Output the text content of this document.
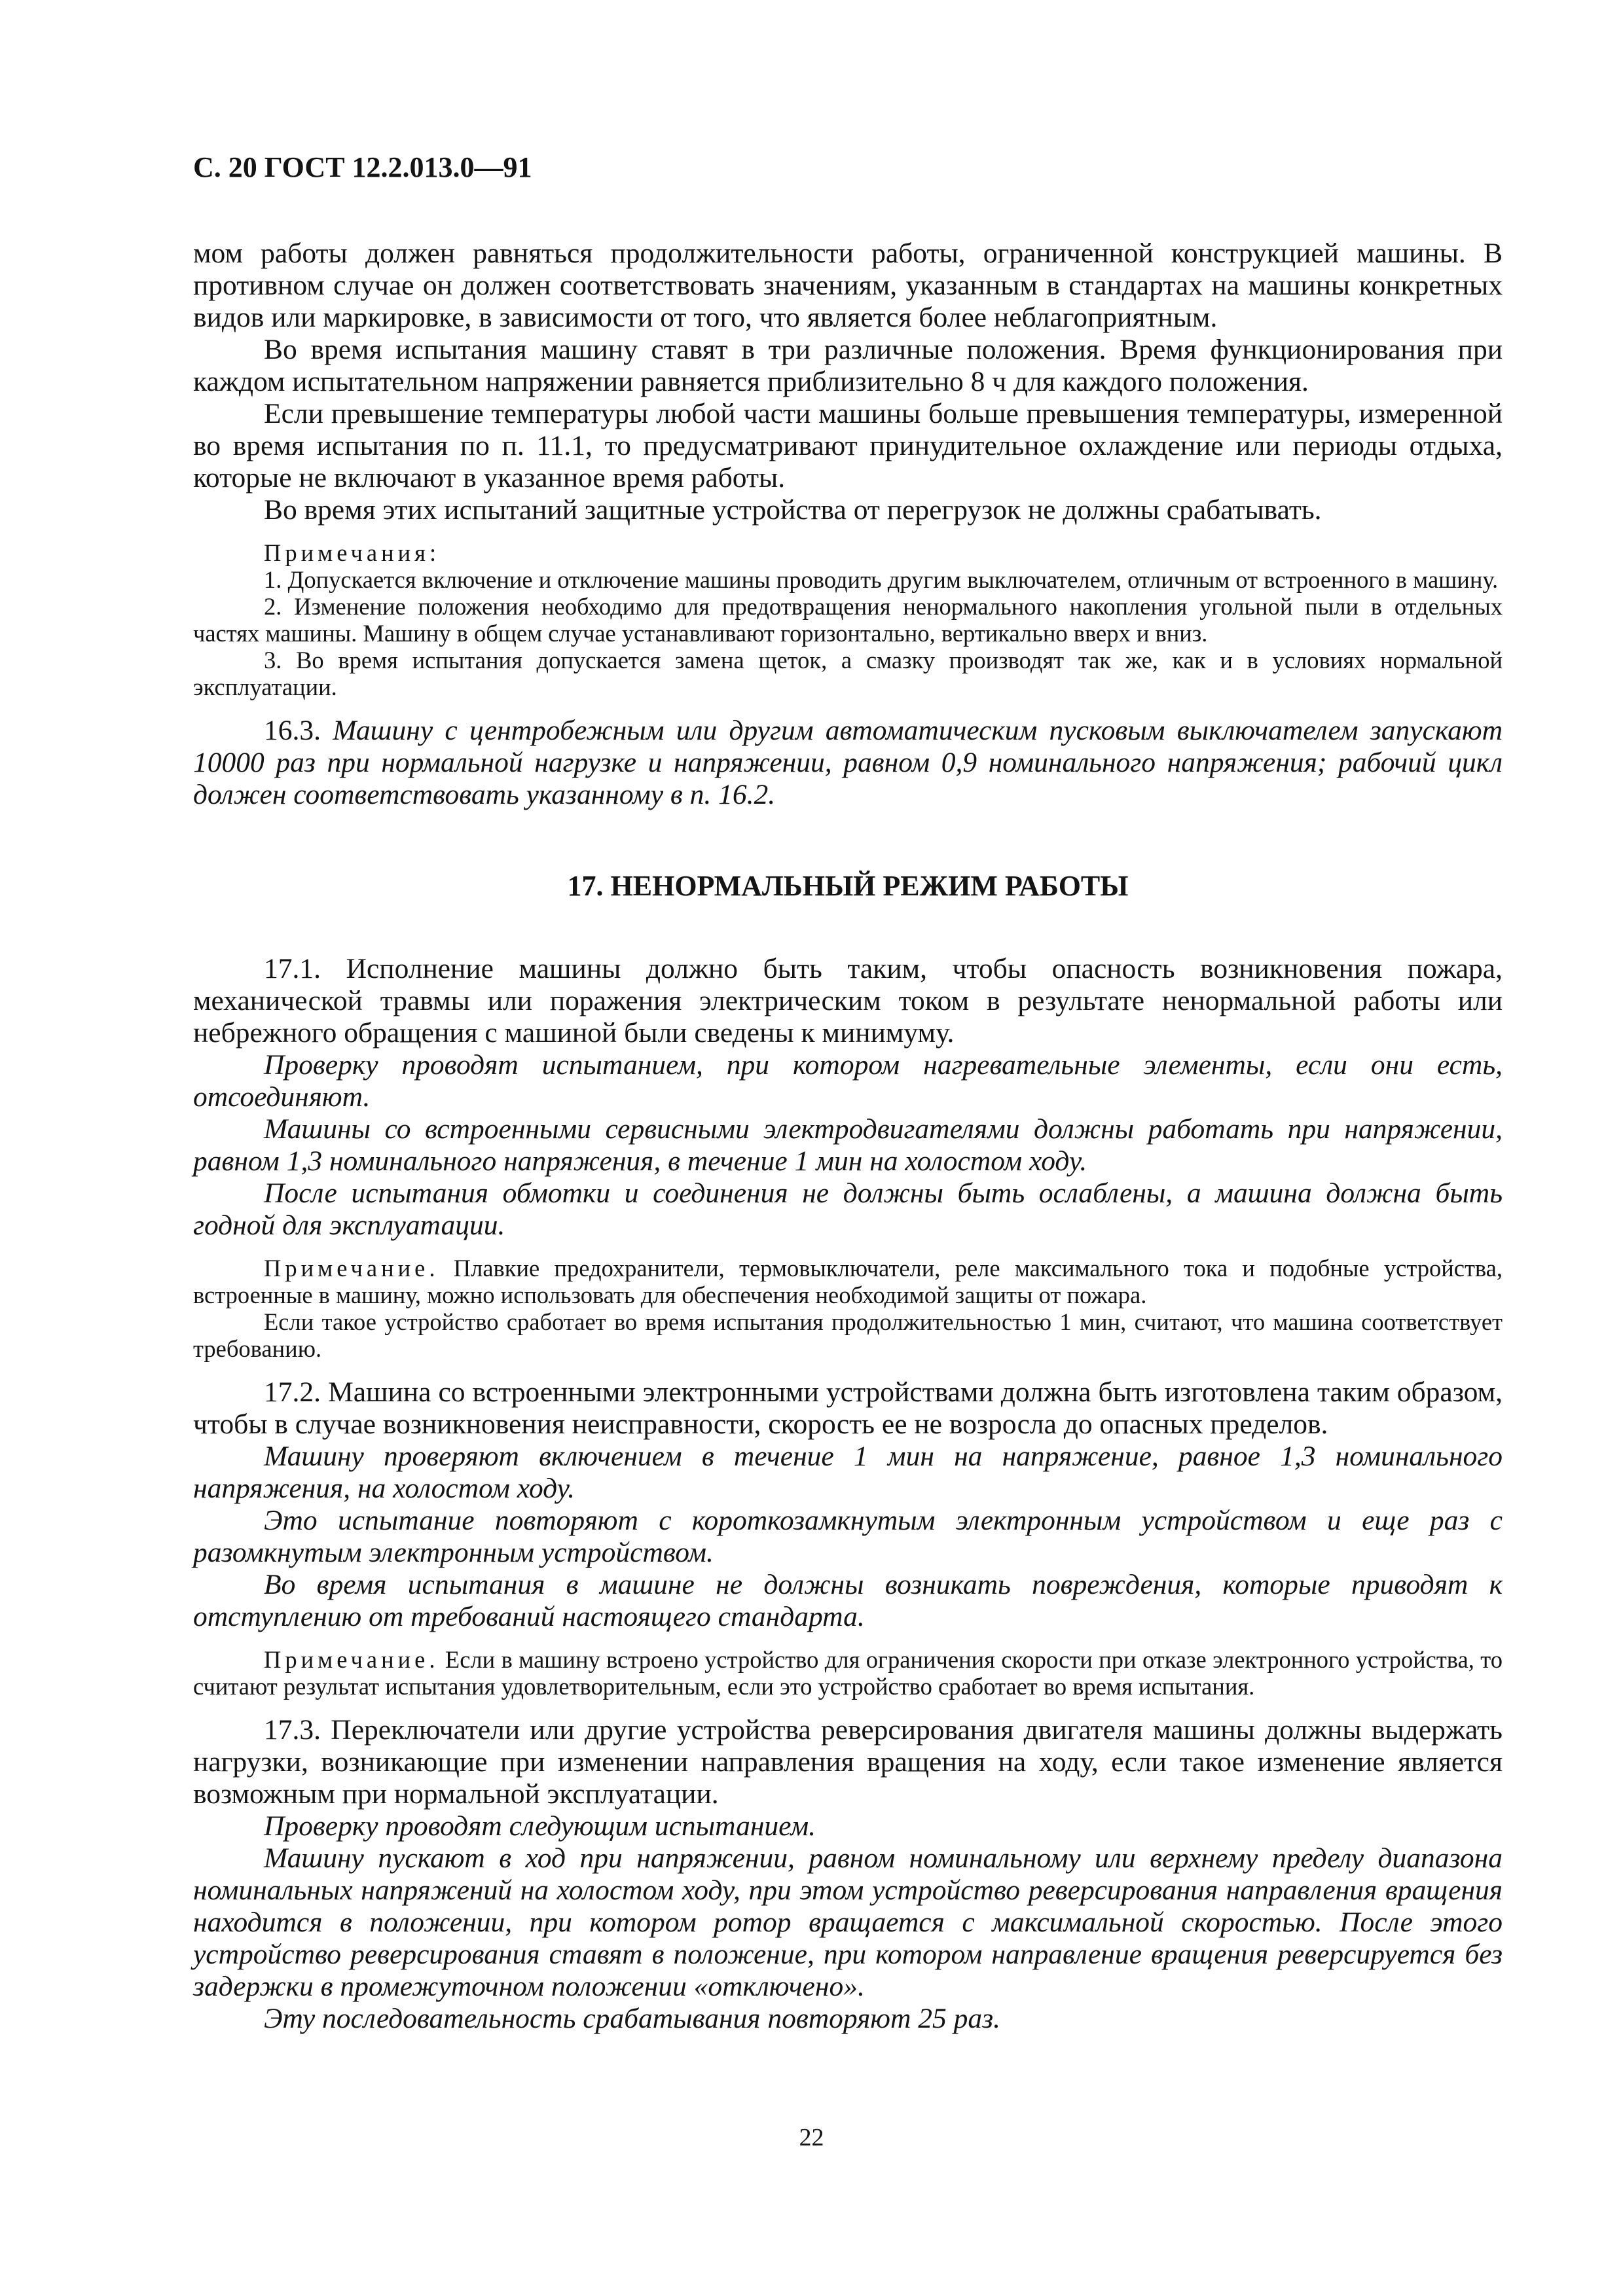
С. 20 ГОСТ 12.2.013.0—91

мом работы должен равняться продолжительности работы, ограниченной конструкцией машины. В противном случае он должен соответствовать значениям, указанным в стандартах на машины конкретных видов или маркировке, в зависимости от того, что является более неблагоприятным.

Во время испытания машину ставят в три различные положения. Время функционирования при каждом испытательном напряжении равняется приблизительно 8 ч для каждого положения.

Если превышение температуры любой части машины больше превышения температуры, измеренной во время испытания по п. 11.1, то предусматривают принудительное охлаждение или периоды отдыха, которые не включают в указанное время работы.

Во время этих испытаний защитные устройства от перегрузок не должны срабатывать.

Примечания:

1. Допускается включение и отключение машины проводить другим выключателем, отличным от встроенного в машину.

2. Изменение положения необходимо для предотвращения ненормального накопления угольной пыли в отдельных частях машины. Машину в общем случае устанавливают горизонтально, вертикально вверх и вниз.

3. Во время испытания допускается замена щеток, а смазку производят так же, как и в условиях нормальной эксплуатации.

16.3. Машину с центробежным или другим автоматическим пусковым выключателем запускают 10000 раз при нормальной нагрузке и напряжении, равном 0,9 номинального напряжения; рабочий цикл должен соответствовать указанному в п. 16.2.

17. НЕНОРМАЛЬНЫЙ РЕЖИМ РАБОТЫ

17.1. Исполнение машины должно быть таким, чтобы опасность возникновения пожара, механической травмы или поражения электрическим током в результате ненормальной работы или небрежного обращения с машиной были сведены к минимуму.

Проверку проводят испытанием, при котором нагревательные элементы, если они есть, отсоединяют.

Машины со встроенными сервисными электродвигателями должны работать при напряжении, равном 1,3 номинального напряжения, в течение 1 мин на холостом ходу.

После испытания обмотки и соединения не должны быть ослаблены, а машина должна быть годной для эксплуатации.

Примечание. Плавкие предохранители, термовыключатели, реле максимального тока и подобные устройства, встроенные в машину, можно использовать для обеспечения необходимой защиты от пожара.

Если такое устройство сработает во время испытания продолжительностью 1 мин, считают, что машина соответствует требованию.

17.2. Машина со встроенными электронными устройствами должна быть изготовлена таким образом, чтобы в случае возникновения неисправности, скорость ее не возросла до опасных пределов.

Машину проверяют включением в течение 1 мин на напряжение, равное 1,3 номинального напряжения, на холостом ходу.

Это испытание повторяют с короткозамкнутым электронным устройством и еще раз с разомкнутым электронным устройством.

Во время испытания в машине не должны возникать повреждения, которые приводят к отступлению от требований настоящего стандарта.

Примечание. Если в машину встроено устройство для ограничения скорости при отказе электронного устройства, то считают результат испытания удовлетворительным, если это устройство сработает во время испытания.

17.3. Переключатели или другие устройства реверсирования двигателя машины должны выдержать нагрузки, возникающие при изменении направления вращения на ходу, если такое изменение является возможным при нормальной эксплуатации.

Проверку проводят следующим испытанием.

Машину пускают в ход при напряжении, равном номинальному или верхнему пределу диапазона номинальных напряжений на холостом ходу, при этом устройство реверсирования направления вращения находится в положении, при котором ротор вращается с максимальной скоростью. После этого устройство реверсирования ставят в положение, при котором направление вращения реверсируется без задержки в промежуточном положении «отключено».

Эту последовательность срабатывания повторяют 25 раз.

22
